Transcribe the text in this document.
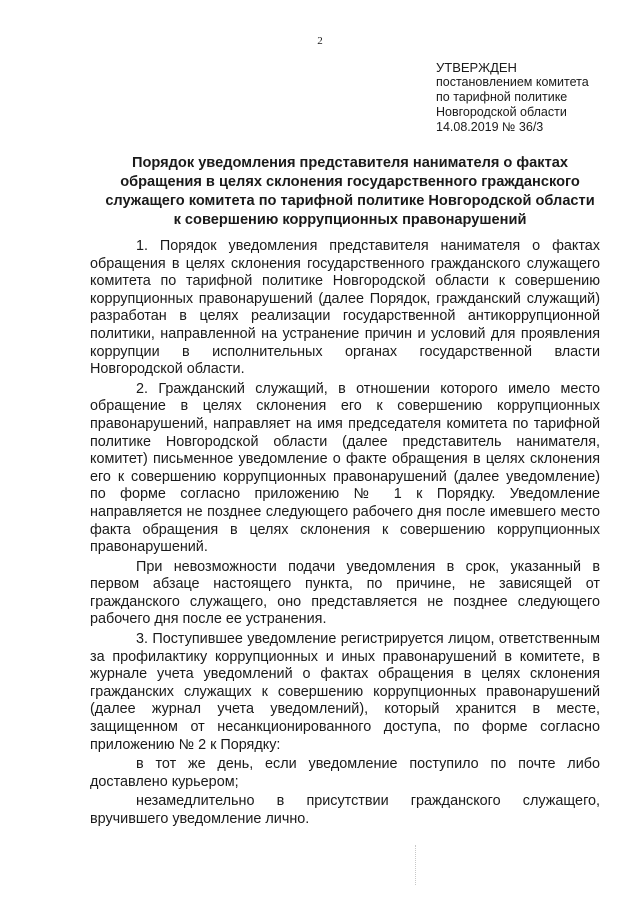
2
УТВЕРЖДЕН
постановлением комитета
по тарифной политике
Новгородской области
14.08.2019 № 36/3
Порядок уведомления представителя нанимателя о фактах обращения в целях склонения государственного гражданского служащего комитета по тарифной политике Новгородской области к совершению коррупционных правонарушений

1. Порядок уведомления представителя нанимателя о фактах обращения в целях склонения государственного гражданского служащего комитета по тарифной политике Новгородской области к совершению коррупционных правонарушений (далее Порядок, гражданский служащий) разработан в целях реализации государственной антикоррупционной политики, направленной на устранение причин и условий для проявления коррупции в исполнительных органах государственной власти Новгородской области.

2. Гражданский служащий, в отношении которого имело место обращение в целях склонения его к совершению коррупционных правонарушений, направляет на имя председателя комитета по тарифной политике Новгородской области (далее представитель нанимателя, комитет) письменное уведомление о факте обращения в целях склонения его к совершению коррупционных правонарушений (далее уведомление) по форме согласно приложению № 1 к Порядку. Уведомление направляется не позднее следующего рабочего дня после имевшего место факта обращения в целях склонения к совершению коррупционных правонарушений.

При невозможности подачи уведомления в срок, указанный в первом абзаце настоящего пункта, по причине, не зависящей от гражданского служащего, оно представляется не позднее следующего рабочего дня после ее устранения.

3. Поступившее уведомление регистрируется лицом, ответственным за профилактику коррупционных и иных правонарушений в комитете, в журнале учета уведомлений о фактах обращения в целях склонения гражданских служащих к совершению коррупционных правонарушений (далее журнал учета уведомлений), который хранится в месте, защищенном от несанкционированного доступа, по форме согласно приложению № 2 к Порядку:

в тот же день, если уведомление поступило по почте либо доставлено курьером;

незамедлительно в присутствии гражданского служащего, вручившего уведомление лично.
